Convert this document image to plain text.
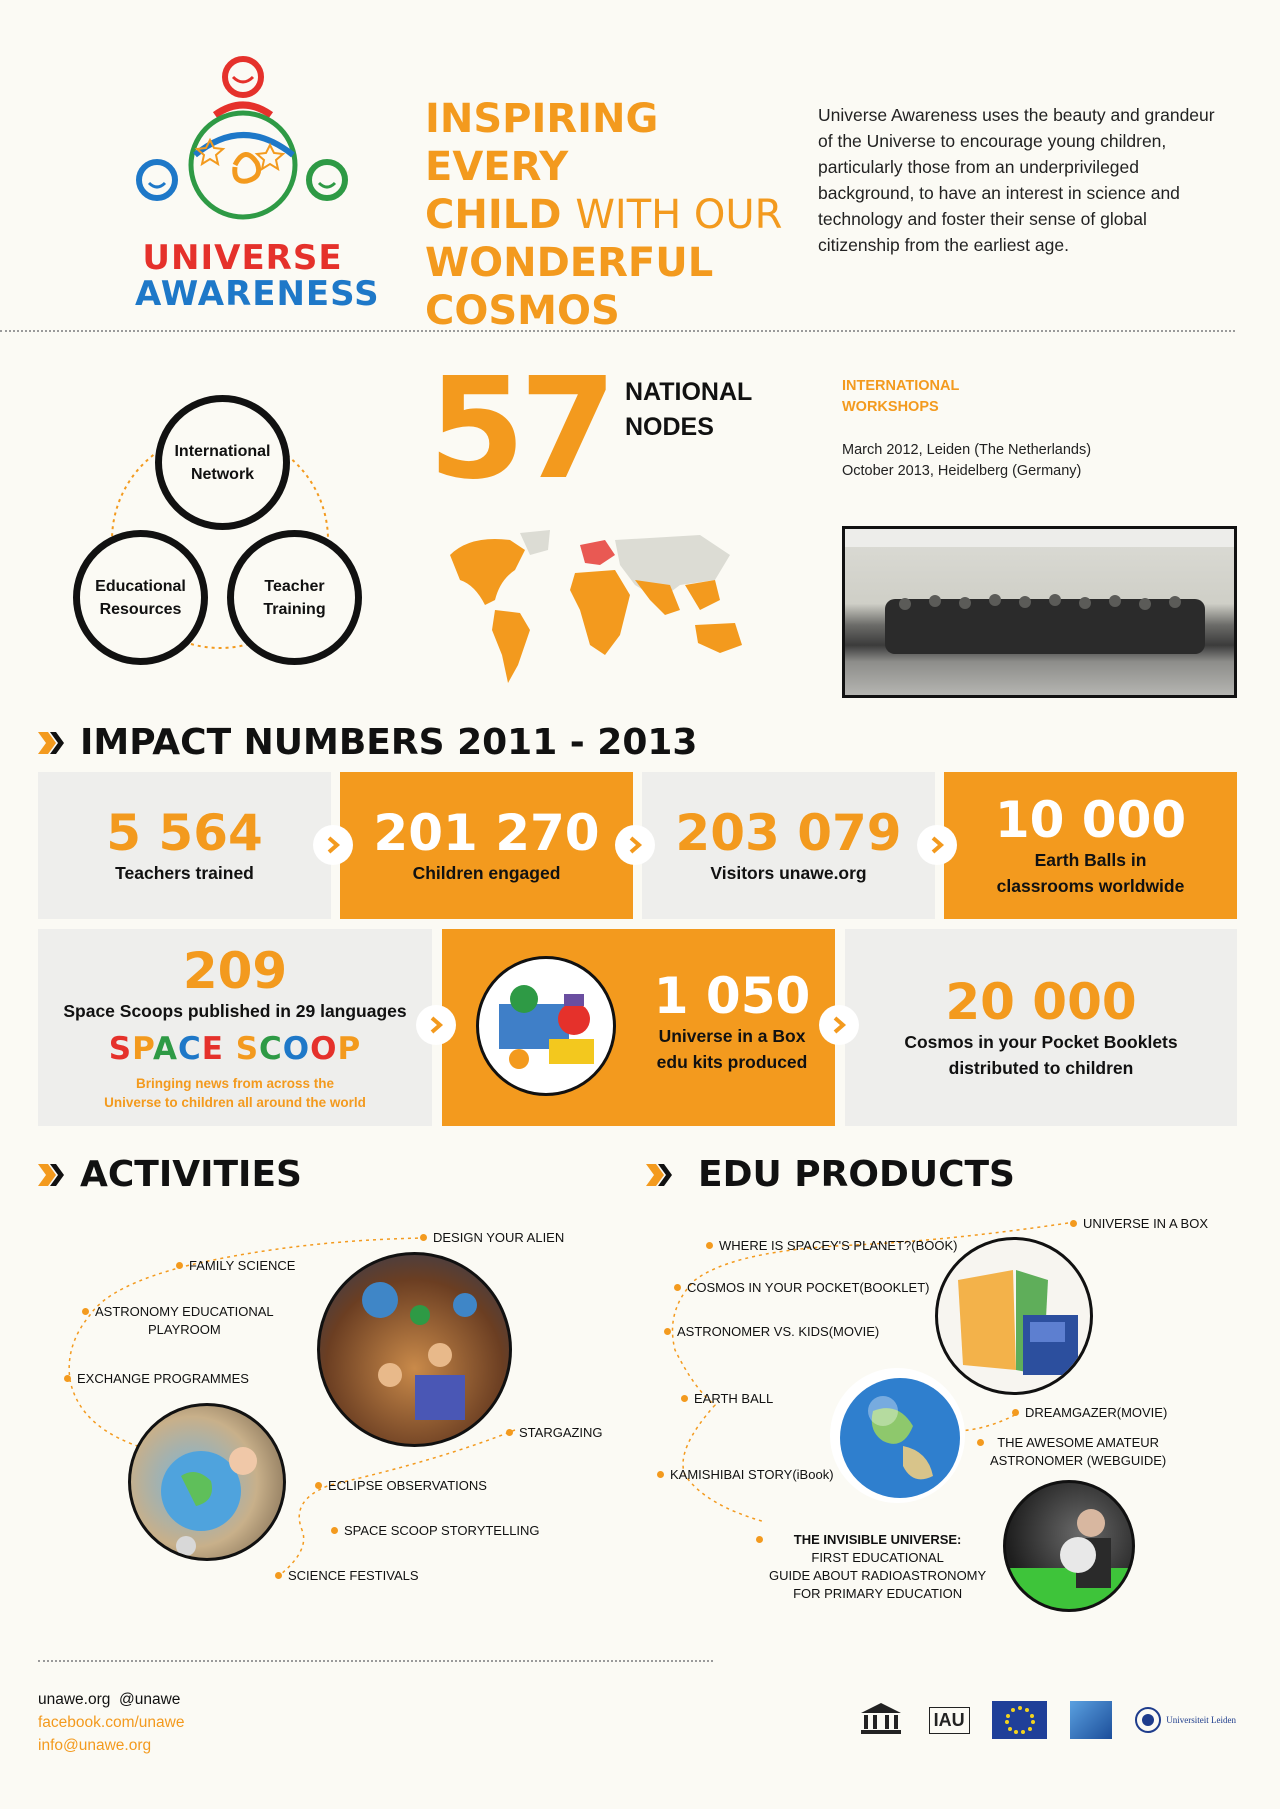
UNIVERSE
AWARENESS
INSPIRING EVERY
CHILD WITH OUR
WONDERFUL
COSMOS
Universe Awareness uses the beauty and grandeur of the Universe to encourage young children, particularly those from an underprivileged background, to have an interest in science and technology and foster their sense of global citizenship from the earliest age.
International Network
Educational Resources
Teacher Training
57 NATIONAL
NODES
INTERNATIONAL
WORKSHOPS
March 2012, Leiden (The Netherlands)
October 2013, Heidelberg (Germany)
IMPACT NUMBERS 2011 - 2013
5 564
Teachers trained
201 270
Children engaged
203 079
Visitors unawe.org
10 000
Earth Balls in
classrooms worldwide
209
Space Scoops published in 29 languages
SPACE SCOOP
Bringing news from across the
Universe to children all around the world
1 050
Universe in a Box
edu kits produced
20 000
Cosmos in your Pocket Booklets
distributed to children
ACTIVITIES
DESIGN YOUR ALIEN
FAMILY SCIENCE
ASTRONOMY EDUCATIONAL
PLAYROOM
EXCHANGE PROGRAMMES
STARGAZING
ECLIPSE OBSERVATIONS
SPACE SCOOP STORYTELLING
SCIENCE FESTIVALS
EDU PRODUCTS
UNIVERSE IN A BOX
WHERE IS SPACEY'S PLANET? (BOOK)
COSMOS IN YOUR POCKET (BOOKLET)
ASTRONOMER VS. KIDS (MOVIE)
EARTH BALL
DREAMGAZER (MOVIE)
THE AWESOME AMATEUR
ASTRONOMER (WEBGUIDE)
KAMISHIBAI STORY (iBook)
THE INVISIBLE UNIVERSE:
FIRST EDUCATIONAL
GUIDE ABOUT RADIOASTRONOMY
FOR PRIMARY EDUCATION
unawe.org @unawe
facebook.com/unawe
info@unawe.org
IAU	Universiteit Leiden
